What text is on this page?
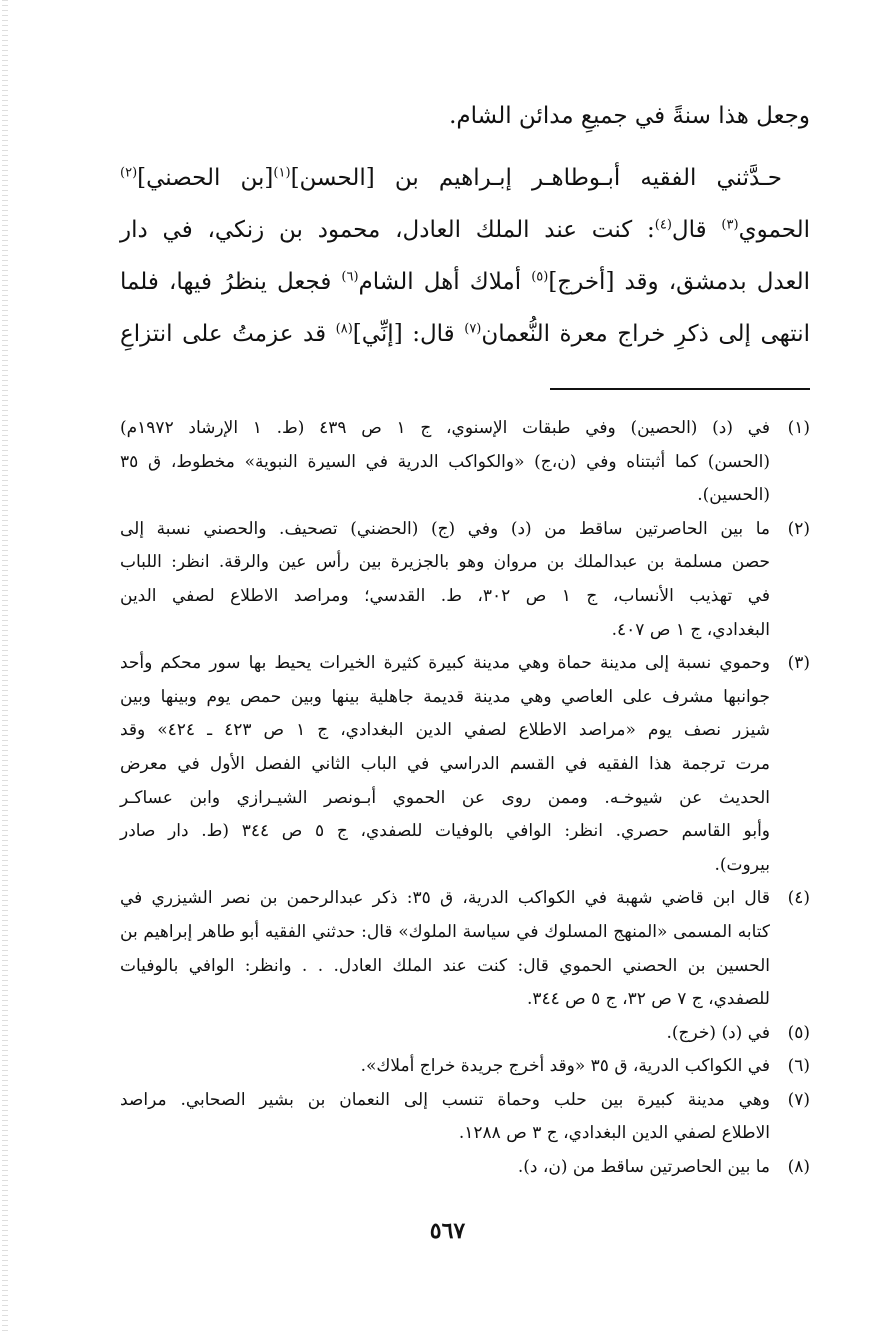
وجعل هذا سنةً في جميعِ مدائن الشام.
حـدَّثني الفقيه أبـوطاهـر إبـراهيم بن [الحسن]$^{(١)}$[بن الحصني]$^{(٢)}$
الحموي$^{(٣)}$ قال$^{(٤)}$: كنت عند الملك العادل، محمود بن زنكي، في دار
العدل بدمشق، وقد [أخرج]$^{(٥)}$ أملاك أهل الشام$^{(٦)}$ فجعل ينظرُ فيها، فلما
انتهى إلى ذكرِ خراج معرة النُّعمان$^{(٧)}$ قال: [إنِّي]$^{(٨)}$ قد عزمتُ على انتزاعِ
(١)
في (د) (الحصين) وفي طبقات الإسنوي، ج ١ ص ٤٣٩ (ط. ١ الإرشاد ١٩٧٢م)
(الحسن) كما أثبتناه وفي (ن،ج) «والكواكب الدرية في السيرة النبوية» مخطوط، ق ٣٥
(الحسين).
(٢)
ما بين الحاصرتين ساقط من (د) وفي (ج) (الحضني) تصحيف. والحصني نسبة إلى
حصن مسلمة بن عبدالملك بن مروان وهو بالجزيرة بين رأس عين والرقة. انظر: اللباب
في تهذيب الأنساب، ج ١ ص ٣٠٢، ط. القدسي؛ ومراصد الاطلاع لصفي الدين
البغدادي، ج ١ ص ٤٠٧.
(٣)
وحموي نسبة إلى مدينة حماة وهي مدينة كبيرة كثيرة الخيرات يحيط بها سور محكم وأحد
جوانبها مشرف على العاصي وهي مدينة قديمة جاهلية بينها وبين حمص يوم وبينها وبين
شيزر نصف يوم «مراصد الاطلاع لصفي الدين البغدادي، ج ١ ص ٤٢٣ ـ ٤٢٤» وقد
مرت ترجمة هذا الفقيه في القسم الدراسي في الباب الثاني الفصل الأول في معرض
الحديث عن شيوخـه. وممن روى عن الحموي أبـونصر الشيـرازي وابن عساكـر
وأبو القاسم حصري. انظر: الوافي بالوفيات للصفدي، ج ٥ ص ٣٤٤ (ط. دار صادر
بيروت).
(٤)
قال ابن قاضي شهبة في الكواكب الدرية، ق ٣٥: ذكر عبدالرحمن بن نصر الشيزري في
كتابه المسمى «المنهج المسلوك في سياسة الملوك» قال: حدثني الفقيه أبو طاهر إبراهيم بن
الحسين بن الحصني الحموي قال: كنت عند الملك العادل. . . وانظر: الوافي بالوفيات
للصفدي، ج ٧ ص ٣٢، ج ٥ ص ٣٤٤.
(٥)
في (د) (خرج).
(٦)
في الكواكب الدرية، ق ٣٥ «وقد أخرج جريدة خراج أملاك».
(٧)
وهي مدينة كبيرة بين حلب وحماة تنسب إلى النعمان بن بشير الصحابي. مراصد
الاطلاع لصفي الدين البغدادي، ج ٣ ص ١٢٨٨.
(٨)
ما بين الحاصرتين ساقط من (ن، د).
٥٦٧
